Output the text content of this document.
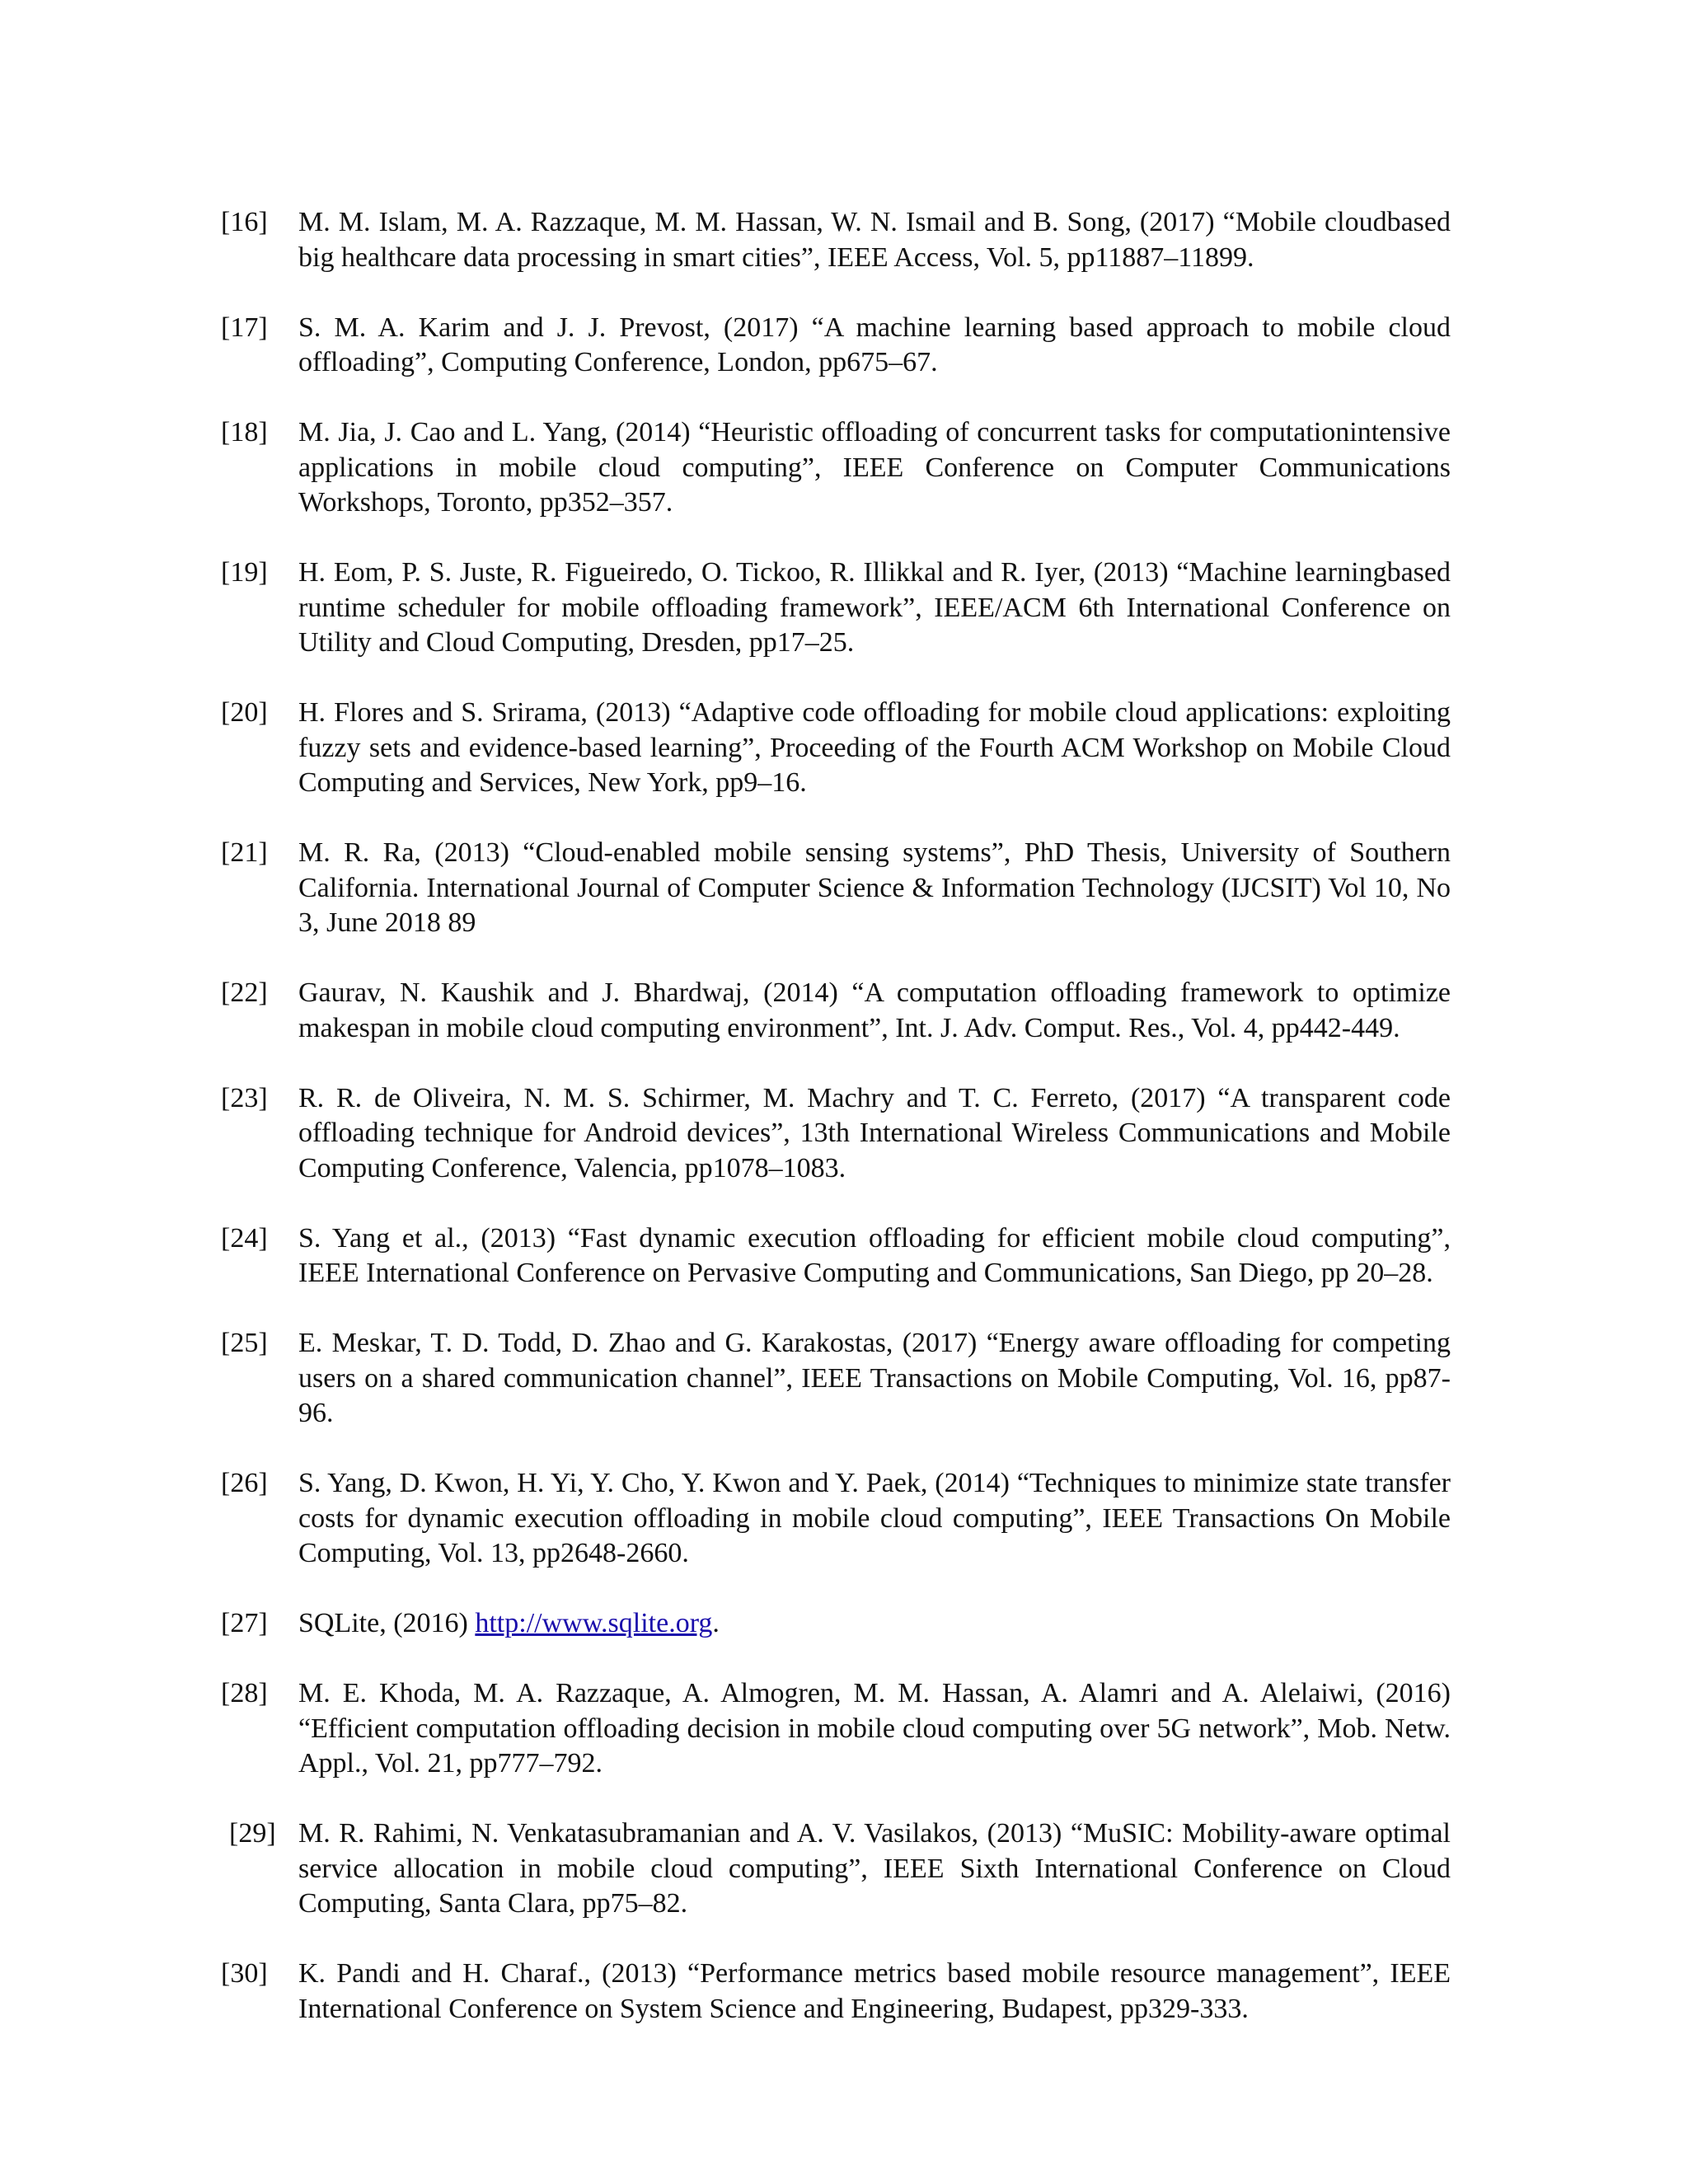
[16] M. M. Islam, M. A. Razzaque, M. M. Hassan, W. N. Ismail and B. Song, (2017) “Mobile cloudbased big healthcare data processing in smart cities”, IEEE Access, Vol. 5, pp11887–11899.
[17] S. M. A. Karim and J. J. Prevost, (2017) “A machine learning based approach to mobile cloud offloading”, Computing Conference, London, pp675–67.
[18] M. Jia, J. Cao and L. Yang, (2014) “Heuristic offloading of concurrent tasks for computationintensive applications in mobile cloud computing”, IEEE Conference on Computer Communications Workshops, Toronto, pp352–357.
[19] H. Eom, P. S. Juste, R. Figueiredo, O. Tickoo, R. Illikkal and R. Iyer, (2013) “Machine learningbased runtime scheduler for mobile offloading framework”, IEEE/ACM 6th International Conference on Utility and Cloud Computing, Dresden, pp17–25.
[20] H. Flores and S. Srirama, (2013) “Adaptive code offloading for mobile cloud applications: exploiting fuzzy sets and evidence-based learning”, Proceeding of the Fourth ACM Workshop on Mobile Cloud Computing and Services, New York, pp9–16.
[21] M. R. Ra, (2013) “Cloud-enabled mobile sensing systems”, PhD Thesis, University of Southern California. International Journal of Computer Science & Information Technology (IJCSIT) Vol 10, No 3, June 2018 89
[22] Gaurav, N. Kaushik and J. Bhardwaj, (2014) “A computation offloading framework to optimize makespan in mobile cloud computing environment”, Int. J. Adv. Comput. Res., Vol. 4, pp442-449.
[23] R. R. de Oliveira, N. M. S. Schirmer, M. Machry and T. C. Ferreto, (2017) “A transparent code offloading technique for Android devices”, 13th International Wireless Communications and Mobile Computing Conference, Valencia, pp1078–1083.
[24] S. Yang et al., (2013) “Fast dynamic execution offloading for efficient mobile cloud computing”, IEEE International Conference on Pervasive Computing and Communications, San Diego, pp 20–28.
[25] E. Meskar, T. D. Todd, D. Zhao and G. Karakostas, (2017) “Energy aware offloading for competing users on a shared communication channel”, IEEE Transactions on Mobile Computing, Vol. 16, pp87- 96.
[26] S. Yang, D. Kwon, H. Yi, Y. Cho, Y. Kwon and Y. Paek, (2014) “Techniques to minimize state transfer costs for dynamic execution offloading in mobile cloud computing”, IEEE Transactions On Mobile Computing, Vol. 13, pp2648-2660.
[27] SQLite, (2016) http://www.sqlite.org.
[28] M. E. Khoda, M. A. Razzaque, A. Almogren, M. M. Hassan, A. Alamri and A. Alelaiwi, (2016) “Efficient computation offloading decision in mobile cloud computing over 5G network”, Mob. Netw. Appl., Vol. 21, pp777–792.
[29] M. R. Rahimi, N. Venkatasubramanian and A. V. Vasilakos, (2013) “MuSIC: Mobility-aware optimal service allocation in mobile cloud computing”, IEEE Sixth International Conference on Cloud Computing, Santa Clara, pp75–82.
[30] K. Pandi and H. Charaf., (2013) “Performance metrics based mobile resource management”, IEEE International Conference on System Science and Engineering, Budapest, pp329-333.
